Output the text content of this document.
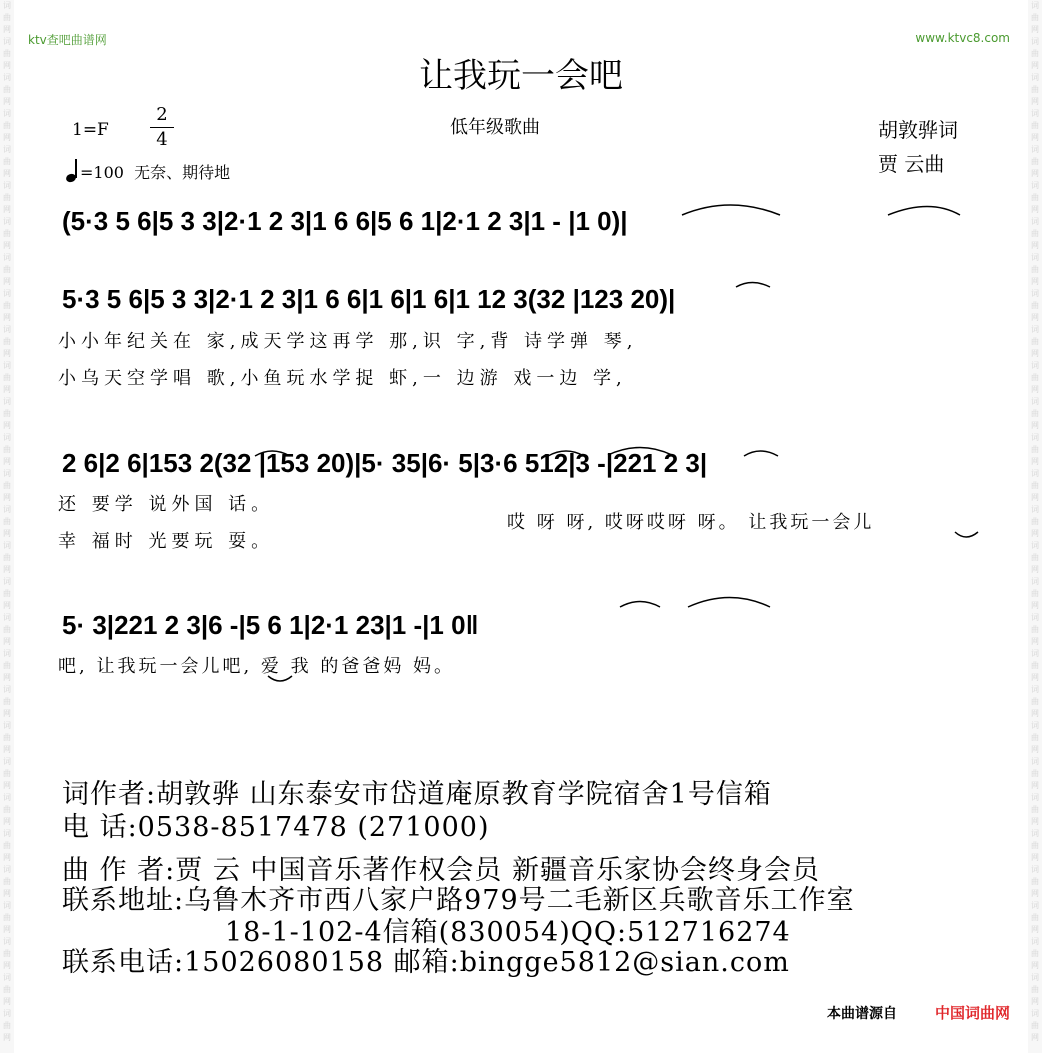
词
曲
网
词
曲
网
词
曲
网
词
曲
网
词
曲
网
词
曲
网
词
曲
网
词
曲
网
词
曲
网
词
曲
网
词
曲
网
词
曲
网
词
曲
网
词
曲
网
词
曲
网
词
曲
网
词
曲
网
词
曲
网
词
曲
网
词
曲
网
词
曲
网
词
曲
网
词
曲
网
词
曲
网
词
曲
网
词
曲
网
词
曲
网
词
曲
网
词
曲
网
词
曲
网
词
曲
网
词
曲
网
词
曲
网
词
曲
网
词
曲
网
词
曲
网
词
曲
网
词
曲
网
词
曲
网
词
曲
网
词
曲
网
词
曲
网
词
曲
网
词
曲
网
词
曲
网
词
曲
网
词
曲
网
词
曲
网
词
曲
网
词
曲
网
词
曲
网
词
曲
网
词
曲
网
词
曲
网
词
曲
网
词
曲
网
词
曲
网
词
曲
网
ktv查吧曲谱网	www.ktvc8.com
让我玩一会吧
1=F
2
4
=100 无奈、期待地
低年级歌曲	胡敦骅词
贾 云曲
(5·3 5 6|5 3 3|2·1 2 3|1 6 6|5 6 1|2·1 2 3|1 - |1 0)|
5·3 5 6|5 3 3|2·1 2 3|1 6 6|1 6|1 6|1 12 3(32 |123 20)|
小小年纪关在 家,成天学这再学 那,识 字,背 诗学弹 琴,
小乌天空学唱 歌,小鱼玩水学捉 虾,一 边游 戏一边 学,
2 6|2 6|153 2(32 |153 20)|5· 35|6· 5|3·6 512|3 -|221 2 3|
还 要学 说外国 话。
幸 福时 光要玩 耍。
哎 呀 呀, 哎呀哎呀 呀。 让我玩一会儿
5· 3|221 2 3|6 -|5 6 1|2·1 23|1 -|1 0‖
吧, 让我玩一会儿吧, 爱 我 的爸爸妈 妈。
词作者:胡敦骅 山东泰安市岱道庵原教育学院宿舍1号信箱
电 话:0538-8517478 (271000)
曲 作 者:贾 云 中国音乐著作权会员 新疆音乐家协会终身会员
联系地址:乌鲁木齐市西八家户路979号二毛新区兵歌音乐工作室
18-1-102-4信箱(830054)QQ:512716274
联系电话:15026080158 邮箱:bingge5812@sian.com
本曲谱源自	中国词曲网
